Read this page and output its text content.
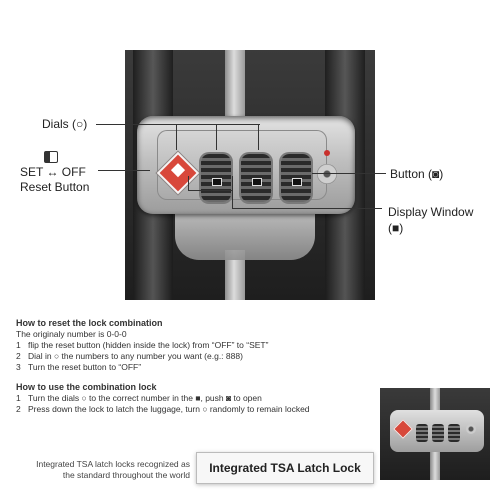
Dials (○)
SET ↔ OFF
Reset Button
Button (◙)
Display Window
(■)
How to reset the lock combination
The originaly number is 0-0-0
1 flip the reset button (hidden inside the lock) from “OFF” to “SET”
2 Dial in ○ the numbers to any number you want (e.g.: 888)
3 Turn the reset button to “OFF”
How to use the combination lock
1 Turn the dials ○ to the correct number in the ■, push ◙ to open
2 Press down the lock to latch the luggage, turn ○ randomly to remain locked
Integrated TSA latch locks recognized as
the standard throughout the world	Integrated TSA Latch Lock
